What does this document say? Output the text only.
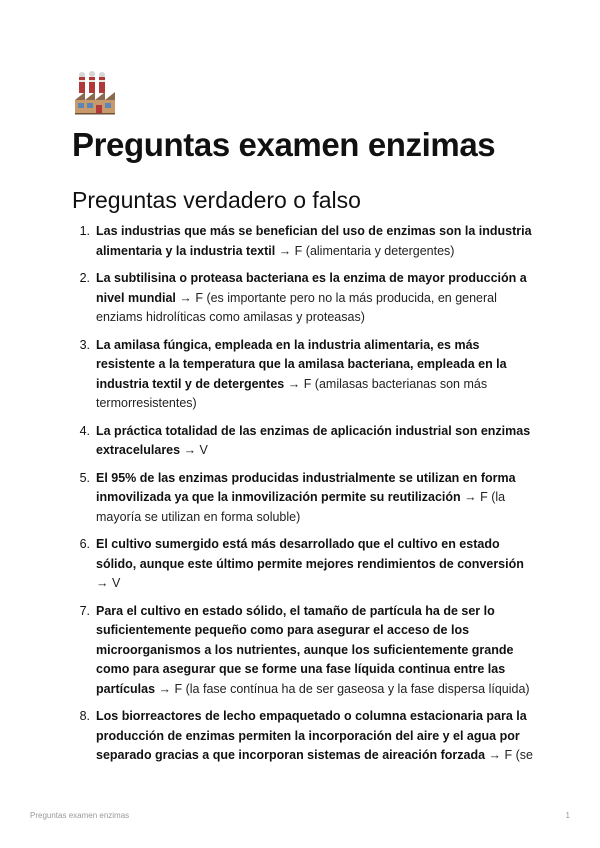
Preguntas examen enzimas
Preguntas verdadero o falso
1. Las industrias que más se benefician del uso de enzimas son la industria alimentaria y la industria textil → F (alimentaria y detergentes)
2. La subtilisina o proteasa bacteriana es la enzima de mayor producción a nivel mundial → F (es importante pero no la más producida, en general enziams hidrolíticas como amilasas y proteasas)
3. La amilasa fúngica, empleada en la industria alimentaria, es más resistente a la temperatura que la amilasa bacteriana, empleada en la industria textil y de detergentes → F (amilasas bacterianas son más termorresistentes)
4. La práctica totalidad de las enzimas de aplicación industrial son enzimas extracelulares → V
5. El 95% de las enzimas producidas industrialmente se utilizan en forma inmovilizada ya que la inmovilización permite su reutilización → F (la mayoría se utilizan en forma soluble)
6. El cultivo sumergido está más desarrollado que el cultivo en estado sólido, aunque este último permite mejores rendimientos de conversión → V
7. Para el cultivo en estado sólido, el tamaño de partícula ha de ser lo suficientemente pequeño como para asegurar el acceso de los microorganismos a los nutrientes, aunque los suficientemente grande como para asegurar que se forme una fase líquida continua entre las partículas → F (la fase contínua ha de ser gaseosa y la fase dispersa líquida)
8. Los biorreactores de lecho empaquetado o columna estacionaria para la producción de enzimas permiten la incorporación del aire y el agua por separado gracias a que incorporan sistemas de aireación forzada → F (se
Preguntas examen enzimas	1
